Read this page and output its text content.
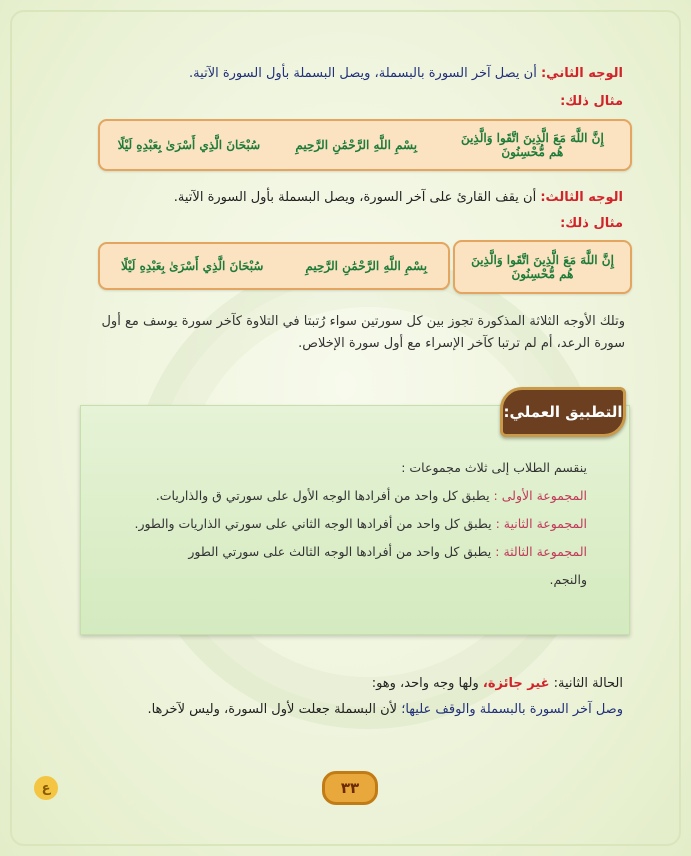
الوجه الثاني: أن يصل آخر السورة بالبسملة، ويصل البسملة بأول السورة الآتية.
مثال ذلك:
إِنَّ اللَّهَ مَعَ الَّذِينَ اتَّقَوا وَالَّذِينَ هُم مُّحْسِنُونَ
بِسْمِ اللَّهِ الرَّحْمَٰنِ الرَّحِيمِ
سُبْحَانَ الَّذِي أَسْرَىٰ بِعَبْدِهِ لَيْلًا
الوجه الثالث: أن يقف القارئ على آخر السورة، ويصل البسملة بأول السورة الآتية.
مثال ذلك:
إِنَّ اللَّهَ مَعَ الَّذِينَ اتَّقَوا وَالَّذِينَ هُم مُّحْسِنُونَ
بِسْمِ اللَّهِ الرَّحْمَٰنِ الرَّحِيمِ
سُبْحَانَ الَّذِي أَسْرَىٰ بِعَبْدِهِ لَيْلًا
وتلك الأوجه الثلاثة المذكورة تجوز بين كل سورتين سواء رُتبتا في التلاوة كآخر سورة يوسف مع أول
سورة الرعد، أم لم ترتبا كآخر الإسراء مع أول سورة الإخلاص.
التطبيق العملي:
ينقسم الطلاب إلى ثلاث مجموعات :
المجموعة الأولى : يطبق كل واحد من أفرادها الوجه الأول على سورتي ق والذاريات.
المجموعة الثانية : يطبق كل واحد من أفرادها الوجه الثاني على سورتي الذاريات والطور.
المجموعة الثالثة : يطبق كل واحد من أفرادها الوجه الثالث على سورتي الطور
والنجم.
الحالة الثانية: غير جائزة، ولها وجه واحد، وهو:
وصل آخر السورة بالبسملة والوقف عليها؛ لأن البسملة جعلت لأول السورة، وليس لآخرها.
٣٣
ع
